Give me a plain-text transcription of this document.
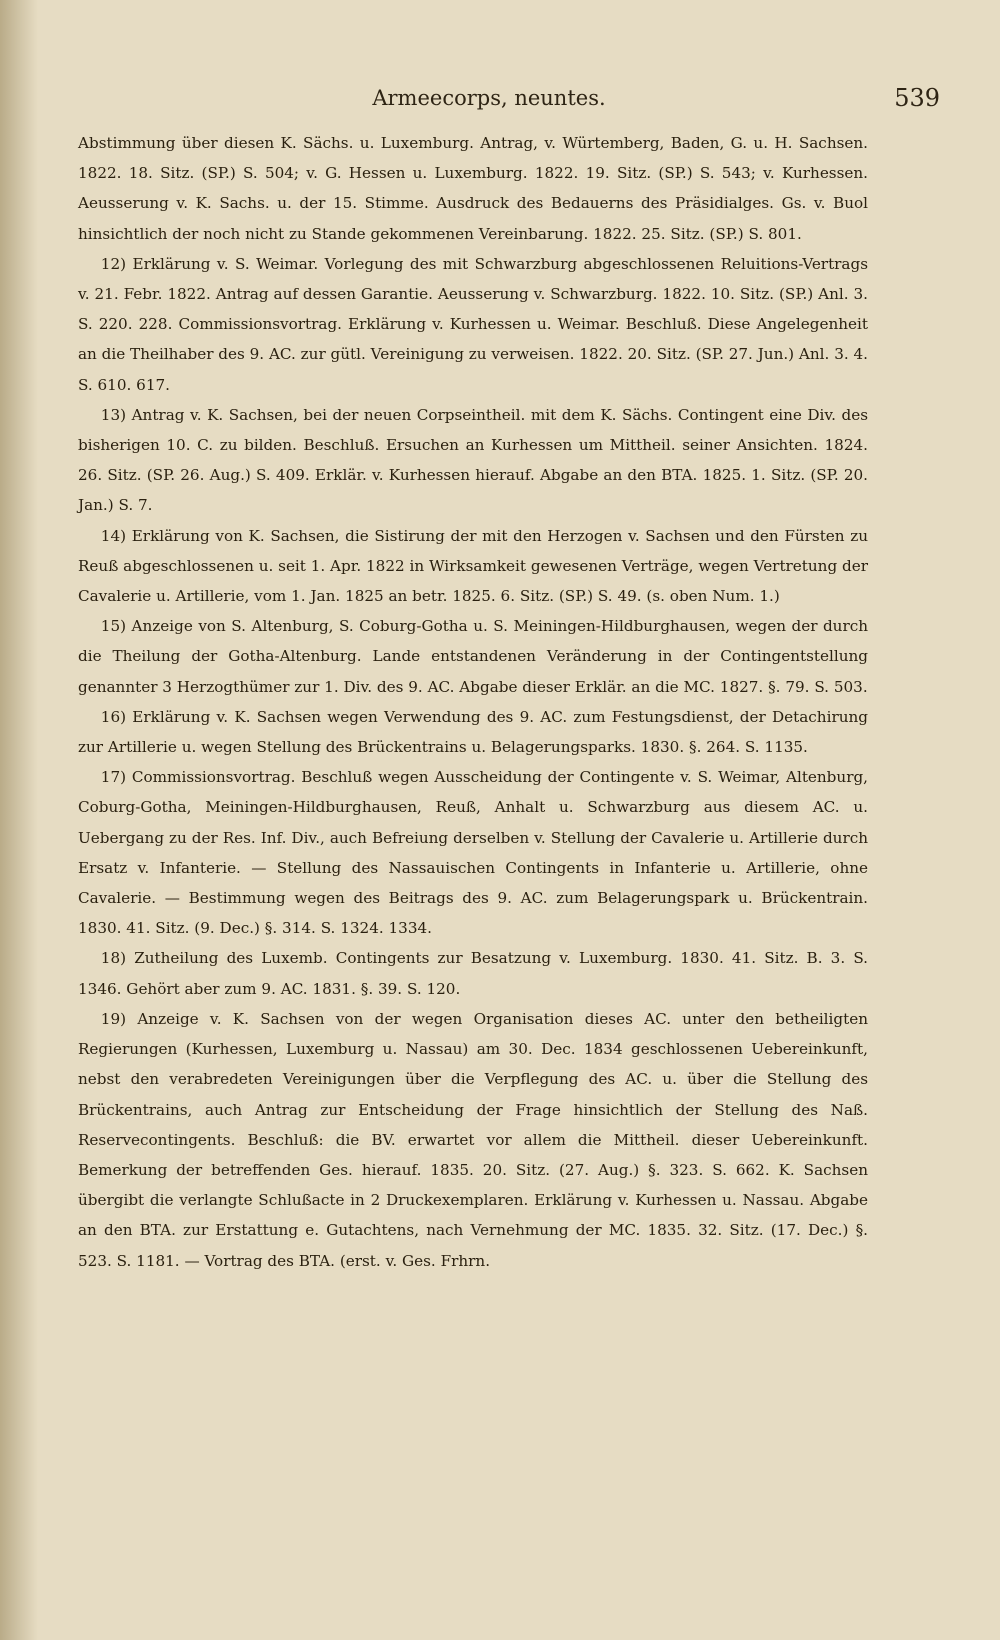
Armeecorps, neuntes.	539

Abstimmung über diesen K. Sächs. u. Luxemburg. Antrag, v. Würtemberg, Baden, G. u. H. Sachsen. 1822. 18. Sitz. (SP.) S. 504; v. G. Hessen u. Luxemburg. 1822. 19. Sitz. (SP.) S. 543; v. Kurhessen. Aeusserung v. K. Sachs. u. der 15. Stimme. Ausdruck des Bedauerns des Präsidialges. Gs. v. Buol hinsichtlich der noch nicht zu Stande gekommenen Vereinbarung. 1822. 25. Sitz. (SP.) S. 801.

12) Erklärung v. S. Weimar. Vorlegung des mit Schwarzburg abgeschlossenen Reluitions-Vertrags v. 21. Febr. 1822. Antrag auf dessen Garantie. Aeusserung v. Schwarzburg. 1822. 10. Sitz. (SP.) Anl. 3. S. 220. 228. Commissionsvortrag. Erklärung v. Kurhessen u. Weimar. Beschluß. Diese Angelegenheit an die Theilhaber des 9. AC. zur gütl. Vereinigung zu verweisen. 1822. 20. Sitz. (SP. 27. Jun.) Anl. 3. 4. S. 610. 617.

13) Antrag v. K. Sachsen, bei der neuen Corpseintheil. mit dem K. Sächs. Contingent eine Div. des bisherigen 10. C. zu bilden. Beschluß. Ersuchen an Kurhessen um Mittheil. seiner Ansichten. 1824. 26. Sitz. (SP. 26. Aug.) S. 409. Erklär. v. Kurhessen hierauf. Abgabe an den BTA. 1825. 1. Sitz. (SP. 20. Jan.) S. 7.

14) Erklärung von K. Sachsen, die Sistirung der mit den Herzogen v. Sachsen und den Fürsten zu Reuß abgeschlossenen u. seit 1. Apr. 1822 in Wirksamkeit gewesenen Verträge, wegen Vertretung der Cavalerie u. Artillerie, vom 1. Jan. 1825 an betr. 1825. 6. Sitz. (SP.) S. 49. (s. oben Num. 1.)

15) Anzeige von S. Altenburg, S. Coburg-Gotha u. S. Meiningen-Hildburghausen, wegen der durch die Theilung der Gotha-Altenburg. Lande entstandenen Veränderung in der Contingentstellung genannter 3 Herzogthümer zur 1. Div. des 9. AC. Abgabe dieser Erklär. an die MC. 1827. §. 79. S. 503.

16) Erklärung v. K. Sachsen wegen Verwendung des 9. AC. zum Festungsdienst, der Detachirung zur Artillerie u. wegen Stellung des Brückentrains u. Belagerungsparks. 1830. §. 264. S. 1135.

17) Commissionsvortrag. Beschluß wegen Ausscheidung der Contingente v. S. Weimar, Altenburg, Coburg-Gotha, Meiningen-Hildburghausen, Reuß, Anhalt u. Schwarzburg aus diesem AC. u. Uebergang zu der Res. Inf. Div., auch Befreiung derselben v. Stellung der Cavalerie u. Artillerie durch Ersatz v. Infanterie. — Stellung des Nassauischen Contingents in Infanterie u. Artillerie, ohne Cavalerie. — Bestimmung wegen des Beitrags des 9. AC. zum Belagerungspark u. Brückentrain. 1830. 41. Sitz. (9. Dec.) §. 314. S. 1324. 1334.

18) Zutheilung des Luxemb. Contingents zur Besatzung v. Luxemburg. 1830. 41. Sitz. B. 3. S. 1346. Gehört aber zum 9. AC. 1831. §. 39. S. 120.

19) Anzeige v. K. Sachsen von der wegen Organisation dieses AC. unter den betheiligten Regierungen (Kurhessen, Luxemburg u. Nassau) am 30. Dec. 1834 geschlossenen Uebereinkunft, nebst den verabredeten Vereinigungen über die Verpflegung des AC. u. über die Stellung des Brückentrains, auch Antrag zur Entscheidung der Frage hinsichtlich der Stellung des Naß. Reservecontingents. Beschluß: die BV. erwartet vor allem die Mittheil. dieser Uebereinkunft. Bemerkung der betreffenden Ges. hierauf. 1835. 20. Sitz. (27. Aug.) §. 323. S. 662. K. Sachsen übergibt die verlangte Schlußacte in 2 Druckexemplaren. Erklärung v. Kurhessen u. Nassau. Abgabe an den BTA. zur Erstattung e. Gutachtens, nach Vernehmung der MC. 1835. 32. Sitz. (17. Dec.) §. 523. S. 1181. — Vortrag des BTA. (erst. v. Ges. Frhrn.
